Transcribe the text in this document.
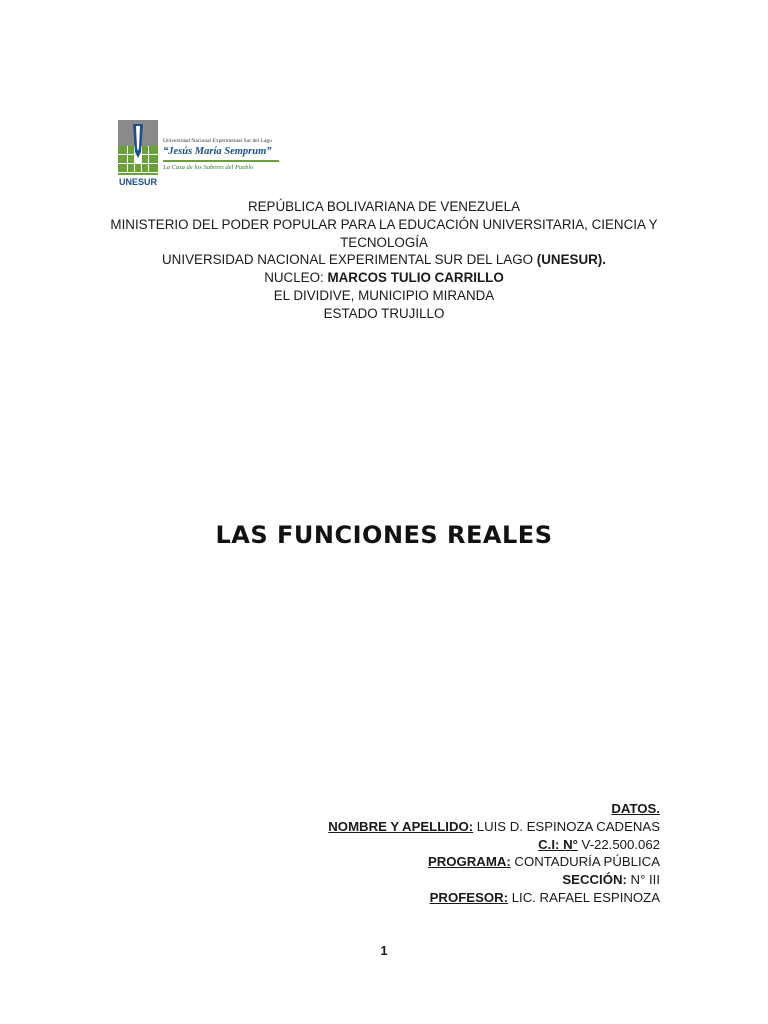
UNESUR
Universidad Nacional Experimental Sur del Lago
“Jesús María Semprum”
La Casa de los Saberes del Pueblo
REPÚBLICA BOLIVARIANA DE VENEZUELA
MINISTERIO DEL PODER POPULAR PARA LA EDUCACIÓN UNIVERSITARIA, CIENCIA Y
TECNOLOGÍA
UNIVERSIDAD NACIONAL EXPERIMENTAL SUR DEL LAGO (UNESUR).
NUCLEO: MARCOS TULIO CARRILLO
EL DIVIDIVE, MUNICIPIO MIRANDA
ESTADO TRUJILLO
LAS FUNCIONES REALES
DATOS.
NOMBRE Y APELLIDO: LUIS D. ESPINOZA CADENAS
C.I: N° V-22.500.062
PROGRAMA: CONTADURÍA PÚBLICA
SECCIÓN: N° III
PROFESOR: LIC. RAFAEL ESPINOZA
1
